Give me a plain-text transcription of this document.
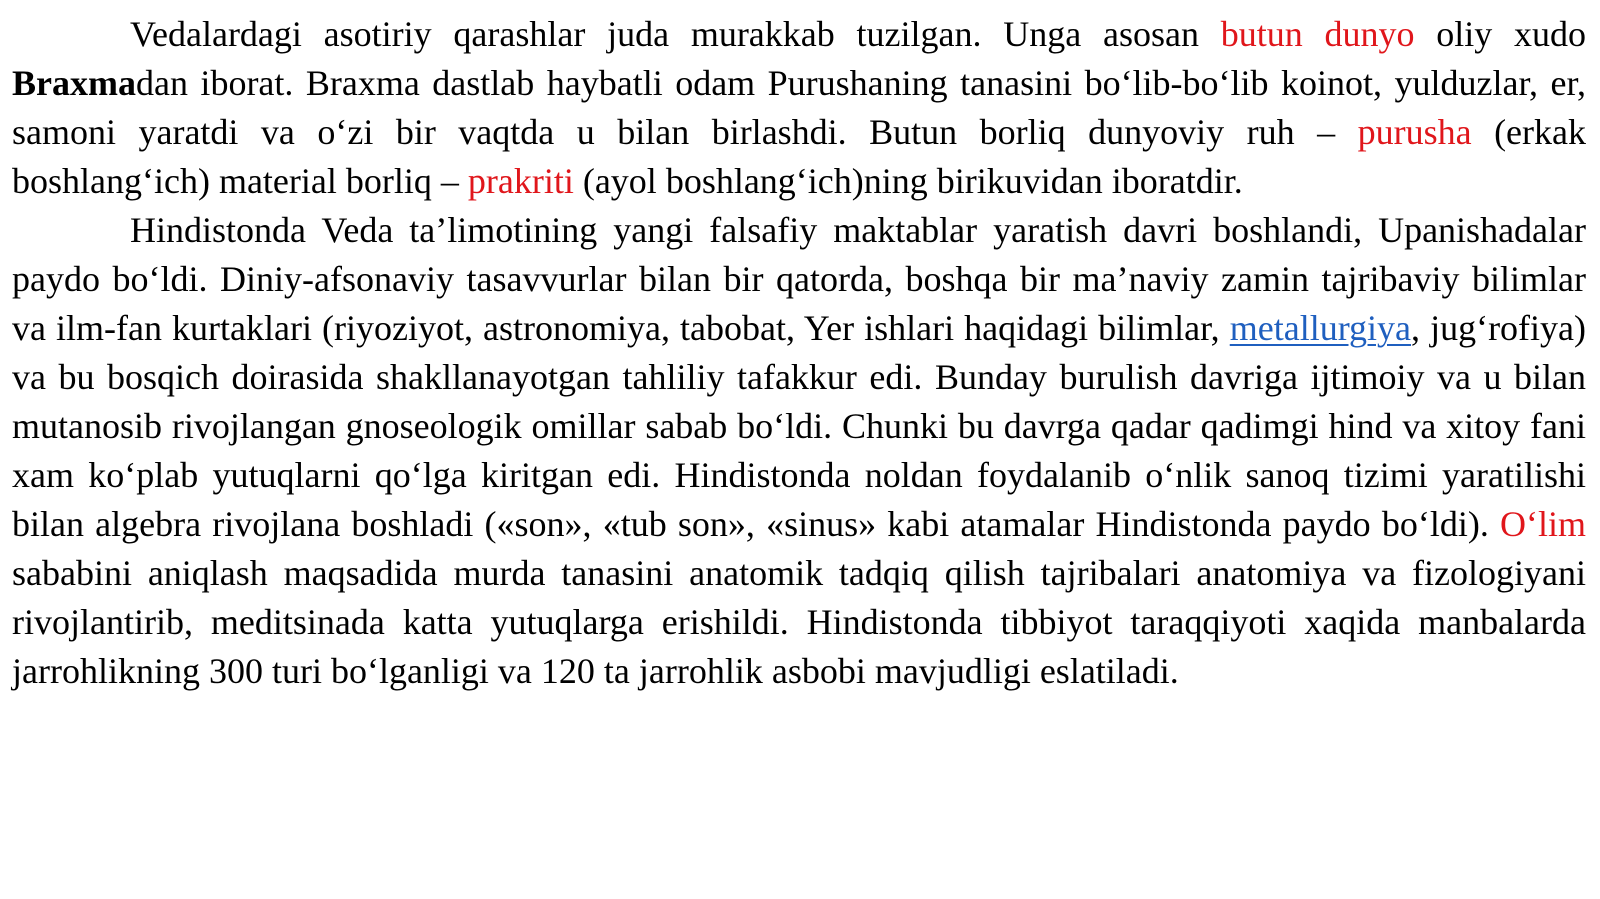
Vedalardagi asotiriy qarashlar juda murakkab tuzilgan. Unga asosan butun dunyo oliy xudo Braxmadan iborat. Braxma dastlab haybatli odam Purushaning tanasini bo‘lib-bo‘lib koinot, yulduzlar, er, samoni yaratdi va o‘zi bir vaqtda u bilan birlashdi. Butun borliq dunyoviy ruh – purusha (erkak boshlang‘ich) material borliq – prakriti (ayol boshlang‘ich)ning birikuvidan iboratdir.

Hindistonda Veda ta’limotining yangi falsafiy maktablar yaratish davri boshlandi, Upanishadalar paydo bo‘ldi. Diniy-afsonaviy tasavvurlar bilan bir qatorda, boshqa bir ma’naviy zamin tajribaviy bilimlar va ilm-fan kurtaklari (riyoziyot, astronomiya, tabobat, Yer ishlari haqidagi bilimlar, metallurgiya, jug‘rofiya) va bu bosqich doirasida shakllanayotgan tahliliy tafakkur edi. Bunday burulish davriga ijtimoiy va u bilan mutanosib rivojlangan gnoseologik omillar sabab bo‘ldi. Chunki bu davrga qadar qadimgi hind va xitoy fani xam ko‘plab yutuqlarni qo‘lga kiritgan edi. Hindistonda noldan foydalanib o‘nlik sanoq tizimi yaratilishi bilan algebra rivojlana boshladi («son», «tub son», «sinus» kabi atamalar Hindistonda paydo bo‘ldi). O‘lim sababini aniqlash maqsadida murda tanasini anatomik tadqiq qilish tajribalari anatomiya va fizologiyani rivojlantirib, meditsinada katta yutuqlarga erishildi. Hindistonda tibbiyot taraqqiyoti xaqida manbalarda jarrohlikning 300 turi bo‘lganligi va 120 ta jarrohlik asbobi mavjudligi eslatiladi.
